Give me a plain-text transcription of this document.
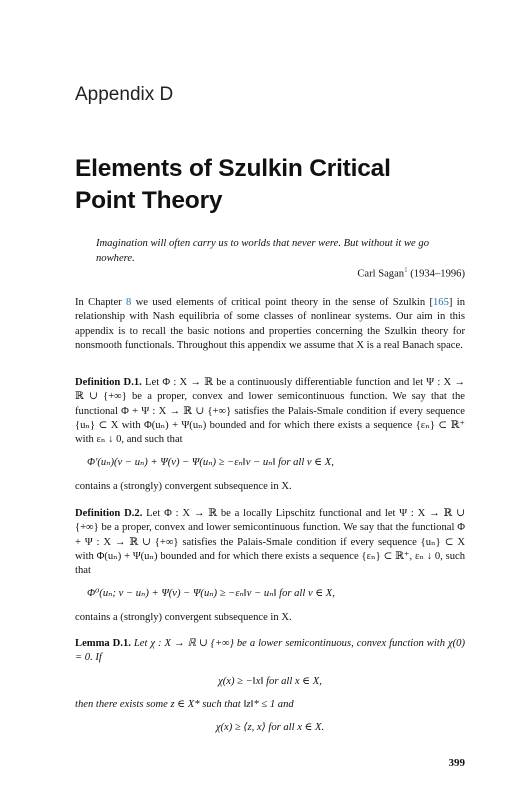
Appendix D
Elements of Szulkin Critical
Point Theory
Imagination will often carry us to worlds that never were. But without it we go nowhere.
Carl Sagan$^1$ (1934–1996)
In Chapter 8 we used elements of critical point theory in the sense of Szulkin [165] in relationship with Nash equilibria of some classes of nonlinear systems. Our aim in this appendix is to recall the basic notions and properties concerning the Szulkin theory for nonsmooth functionals. Throughout this appendix we assume that X is a real Banach space.
Definition D.1. Let Φ : X → ℝ be a continuously differentiable function and let Ψ : X → ℝ ∪ {+∞} be a proper, convex and lower semicontinuous function. We say that the functional Φ + Ψ : X → ℝ ∪ {+∞} satisfies the Palais-Smale condition if every sequence {uₙ} ⊂ X with Φ(uₙ) + Ψ(uₙ) bounded and for which there exists a sequence {εₙ} ⊂ ℝ⁺ with εₙ ↓ 0, and such that
Φ′(uₙ)(v − uₙ) + Ψ(v) − Ψ(uₙ) ≥ −εₙ‖v − uₙ‖ for all v ∈ X,
contains a (strongly) convergent subsequence in X.
Definition D.2. Let Φ : X → ℝ be a locally Lipschitz functional and let Ψ : X → ℝ ∪ {+∞} be a proper, convex and lower semicontinuous function. We say that the functional Φ + Ψ : X → ℝ ∪ {+∞} satisfies the Palais-Smale condition if every sequence {uₙ} ⊂ X with Φ(uₙ) + Ψ(uₙ) bounded and for which there exists a sequence {εₙ} ⊂ ℝ⁺, εₙ ↓ 0, such that
Φ⁰(uₙ; v − uₙ) + Ψ(v) − Ψ(uₙ) ≥ −εₙ‖v − uₙ‖ for all v ∈ X,
contains a (strongly) convergent subsequence in X.
Lemma D.1. Let χ : X → ℝ ∪ {+∞} be a lower semicontinuous, convex function with χ(0) = 0. If
χ(x) ≥ −‖x‖ for all x ∈ X,
then there exists some z ∈ X* such that ‖z‖* ≤ 1 and
χ(x) ≥ ⟨z, x⟩ for all x ∈ X.
399
